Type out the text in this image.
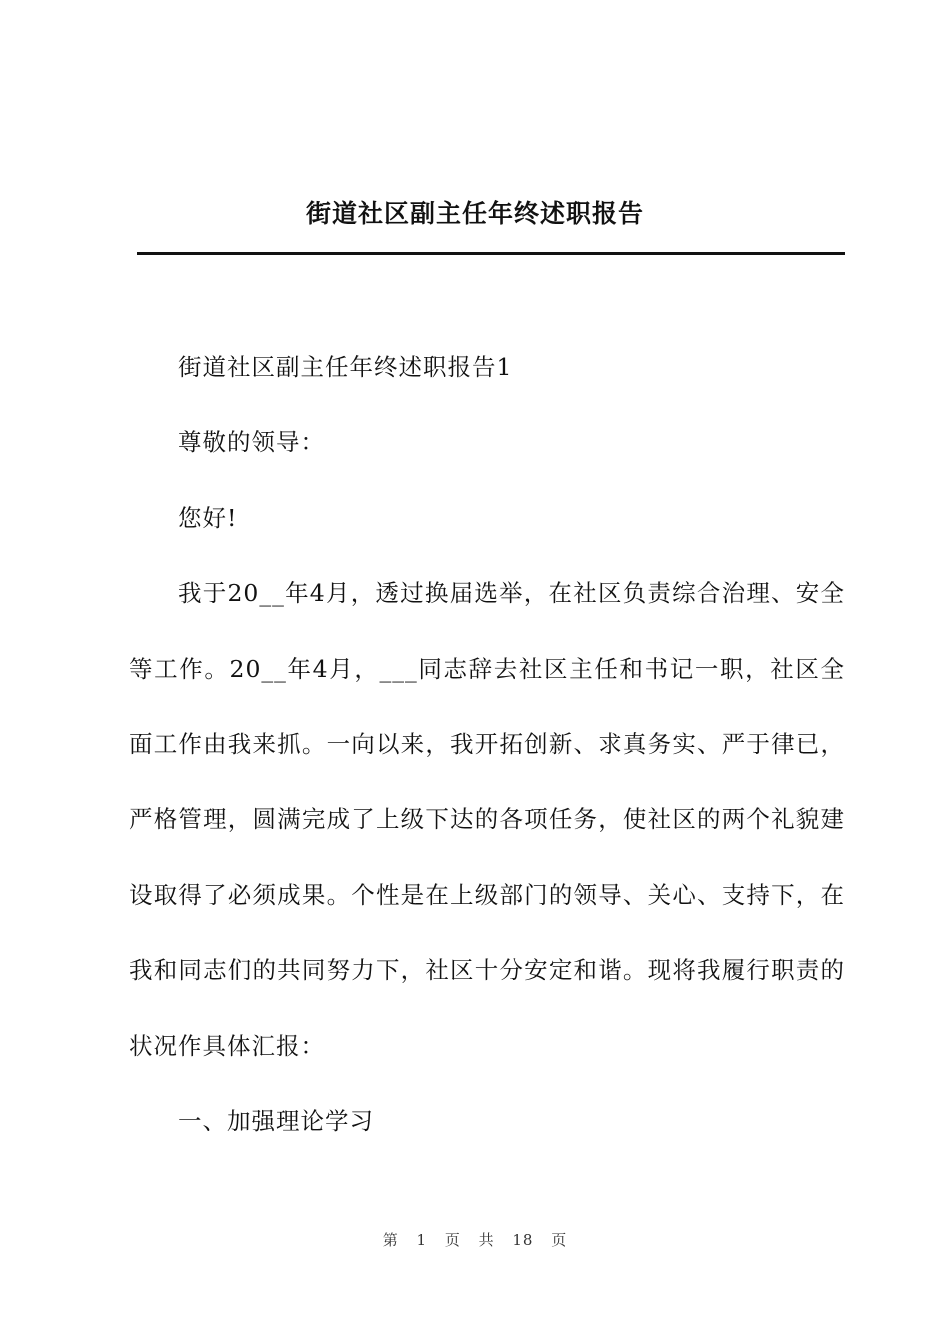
街道社区副主任年终述职报告

街道社区副主任年终述职报告1

尊敬的领导：

您好!

我于20__年4月，透过换届选举，在社区负责综合治理、安全等工作。20__年4月，___同志辞去社区主任和书记一职，社区全面工作由我来抓。一向以来，我开拓创新、求真务实、严于律已，严格管理，圆满完成了上级下达的各项任务，使社区的两个礼貌建设取得了必须成果。个性是在上级部门的领导、关心、支持下，在我和同志们的共同努力下，社区十分安定和谐。现将我履行职责的状况作具体汇报：

一、加强理论学习

第 1 页 共 18 页
